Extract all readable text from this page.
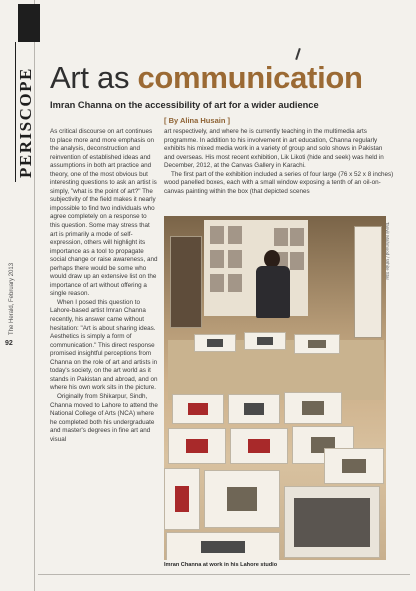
PERISCOPE
The Herald, February 2013
92
Art as communication
Imran Channa on the accessibility of art for a wider audience
[ By Alina Husain ]

As critical discourse on art continues to place more and more emphasis on the analysis, deconstruction and reinvention of established ideas and assumptions in both art practice and theory, one of the most obvious but interesting questions to ask an artist is simply, "what is the point of art?" The subjectivity of the field makes it nearly impossible to find two individuals who agree completely on a response to this question. Some may stress that art is primarily a mode of self-expression, others will highlight its importance as a tool to propagate social change or raise awareness, and perhaps there would be some who would draw up an extensive list on the importance of art without offering a single reason.

When I posed this question to Lahore-based artist Imran Channa recently, his answer came without hesitation: "Art is about sharing ideas. Aesthetics is simply a form of communication." This direct response promised insightful perceptions from Channa on the role of art and artists in today's society, on the art world as it stands in Pakistan and abroad, and on where his own work sits in the picture.

Originally from Shikarpur, Sindh, Channa moved to Lahore to attend the National College of Arts (NCA) where he completed both his undergraduate and master's degrees in fine art and visual

art respectively, and where he is currently teaching in the multimedia arts programme. In addition to his involvement in art education, Channa regularly exhibits his mixed media work in a variety of group and solo shows in Pakistan and overseas. His most recent exhibition, Lik Likoti (hide and seek) was held in December, 2012, at the Canvas Gallery in Karachi.

The first part of the exhibition included a series of four large (76 x 52 x 8 inches) wood panelled boxes, each with a small window exposing a tenth of an oil-on-canvas painting within the box (that depicted scenes

Tanvir Mahmood / White Star
Imran Channa at work in his Lahore studio
